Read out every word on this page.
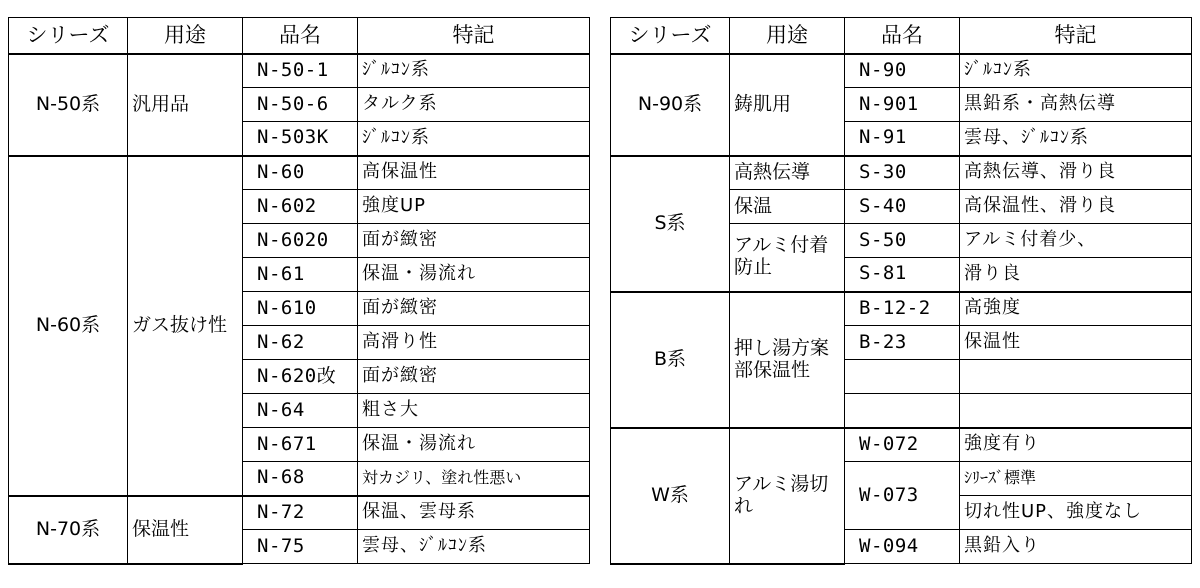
シリーズ	用途	品名	特記
N-50系	汎用品	N-50-1	ｼﾞﾙｺﾝ系
		N-50-6	タルク系
		N-503K	ｼﾞﾙｺﾝ系
N-60系	ガス抜け性	N-60	高保温性
		N-602	強度UP
		N-6020	面が緻密
		N-61	保温・湯流れ
		N-610	面が緻密
		N-62	高滑り性
		N-620改	面が緻密
		N-64	粗さ大
		N-671	保温・湯流れ
		N-68	対カジリ、塗れ性悪い
N-70系	保温性	N-72	保温、雲母系
		N-75	雲母、ｼﾞﾙｺﾝ系
シリーズ	用途	品名	特記
N-90系	鋳肌用	N-90	ｼﾞﾙｺﾝ系
		N-901	黒鉛系・高熱伝導
		N-91	雲母、ｼﾞﾙｺﾝ系
S系	高熱伝導	S-30	高熱伝導、滑り良
	保温	S-40	高保温性、滑り良
	アルミ付着防止	S-50	アルミ付着少、
		S-81	滑り良
B系	押し湯方案部保温性	B-12-2	高強度
		B-23	保温性

W系	アルミ湯切れ	W-072	強度有り
		W-073	ｼﾘｰｽﾞ標準
			切れ性UP、強度なし
		W-094	黒鉛入り
